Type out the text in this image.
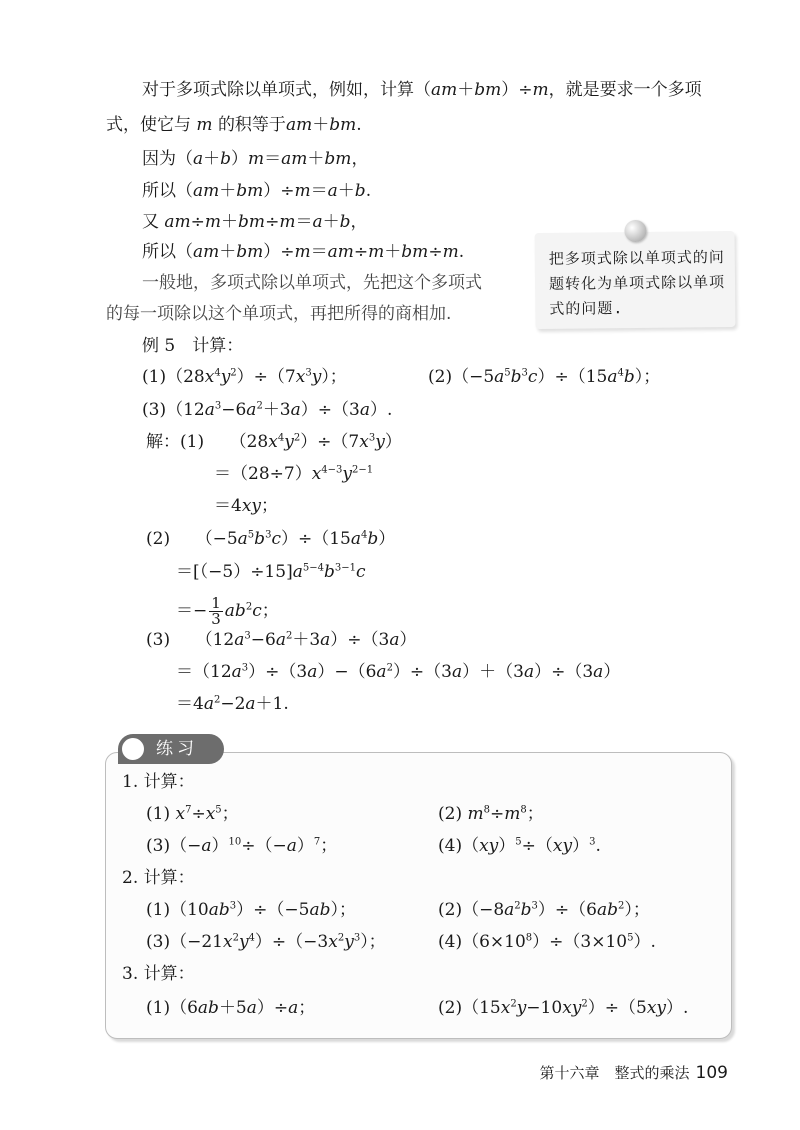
对于多项式除以单项式，例如，计算（am＋bm）÷m，就是要求一个多项
式，使它与 m 的积等于am＋bm.
因为（a＋b）m＝am＋bm，
所以（am＋bm）÷m＝a＋b.
又 am÷m＋bm÷m＝a＋b，
所以（am＋bm）÷m＝am÷m＋bm÷m.
一般地，多项式除以单项式，先把这个多项式
的每一项除以这个单项式，再把所得的商相加.
把多项式除以单项式的问题转化为单项式除以单项式的问题.
例 5　计算：
$(1)(28x^4y^2)\div(7x^3y)$；	$(2)(-5a^5b^3c)\div(15a^4b)$；
$(3)(12a^3-6a^2+3a)\div(3a)$.
解：(1)　　$(28x^4y^2)\div(7x^3y)$
$=(28\div 7)x^{4-3}y^{2-1}$
＝4xy；
(2)　　$(-5a^5b^3c)\div(15a^4b)$
$=[(-5)\div 15]a^{5-4}b^{3-1}c$
＝− $\frac{1}{3} ab^2c$；
(3)　　$(12a^3-6a^2+3a)\div(3a)$
$=(12a^3)\div(3a)-(6a^2)\div(3a)+(3a)\div(3a)$
$=4a^2-2a+1$.
练习
1. 计算：
(1) $x^7\div x^5$；	(2) $m^8\div m^8$；
$(3)(-a)^{10}\div(-a)^7$；	(4)（xy）$^5$÷（xy）$^3$.
2. 计算：
$(1)(10ab^3)\div(-5ab)$；	$(2)(-8a^2b^3)\div(6ab^2)$；
$(3)(-21x^2y^4)\div(-3x^2y^3)$；	$(4)(6\times 10^8)\div(3\times 10^5)$.
3. 计算：
(1)（6ab＋5a）÷a；	$(2)(15x^2y-10xy^2)\div(5xy)$.
第十六章　整式的乘法 109
